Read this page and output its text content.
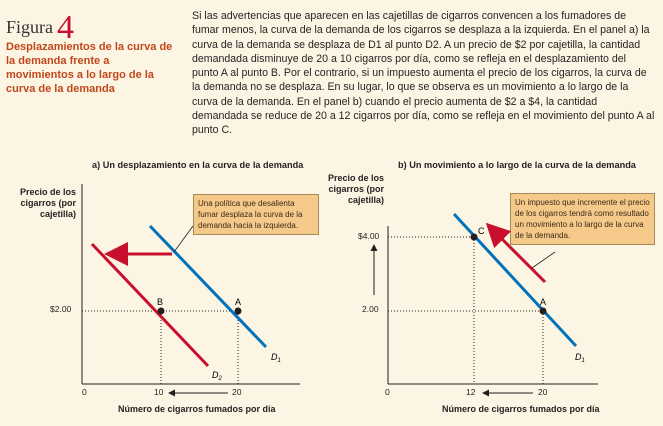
Figura 4
Desplazamientos de la curva de la demanda frente a movimientos a lo largo de la curva de la demanda

Si las advertencias que aparecen en las cajetillas de cigarros convencen a los fumadores de fumar menos, la curva de la demanda de los cigarros se desplaza a la izquierda. En el panel a) la curva de la demanda se desplaza de D1 al punto D2. A un precio de $2 por cajetilla, la cantidad demandada disminuye de 20 a 10 cigarros por día, como se refleja en el desplazamiento del punto A al punto B. Por el contrario, si un impuesto aumenta el precio de los cigarros, la curva de la demanda no se desplaza. En su lugar, lo que se observa es un movimiento a lo largo de la curva de la demanda. En el panel b) cuando el precio aumenta de $2 a $4, la cantidad demandada se reduce de 20 a 12 cigarros por día, como se refleja en el movimiento del punto A al punto C.

a) Un desplazamiento en la curva de la demanda	b) Un movimiento a lo largo de la curva de la demanda
Precio de los cigarros (por cajetilla)
Precio de los cigarros (por cajetilla)
Número de cigarros fumados por día	Número de cigarros fumados por día
$2.00
0	10	20
$4.00
2.00
0	12	20
Una política que desalienta fumar desplaza la curva de la demanda hacia la izquierda.
Un impuesto que incremente el precio de los cigarros tendrá como resultado un movimiento a lo largo de la curva de la demanda.
A
B
$D_1$
$D_2$
C
A
$D_1$
